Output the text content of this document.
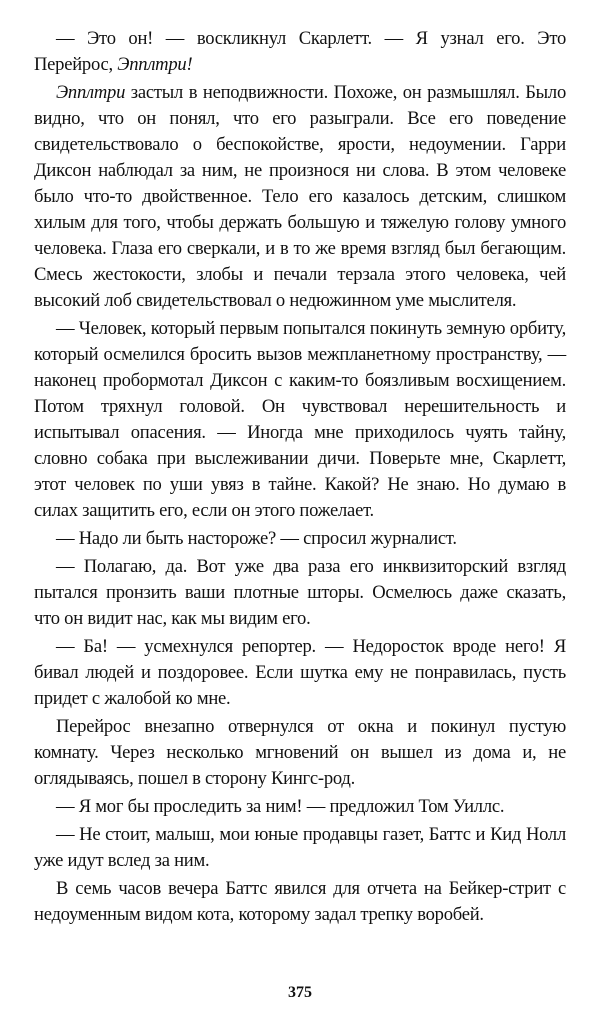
— Это он! — воскликнул Скарлетт. — Я узнал его. Это Перейрос, Эпплтри!

Эпплтри застыл в неподвижности. Похоже, он размышлял. Было видно, что он понял, что его разыграли. Все его поведение свидетельствовало о беспокойстве, ярости, недоумении. Гарри Диксон наблюдал за ним, не произнося ни слова. В этом человеке было что-то двойственное. Тело его казалось детским, слишком хилым для того, чтобы держать большую и тяжелую голову умного человека. Глаза его сверкали, и в то же время взгляд был бегающим. Смесь жестокости, злобы и печали терзала этого человека, чей высокий лоб свидетельствовал о недюжинном уме мыслителя.

— Человек, который первым попытался покинуть земную орбиту, который осмелился бросить вызов межпланетному пространству, — наконец пробормотал Диксон с каким-то боязливым восхищением. Потом тряхнул головой. Он чувствовал нерешительность и испытывал опасения. — Иногда мне приходилось чуять тайну, словно собака при выслеживании дичи. Поверьте мне, Скарлетт, этот человек по уши увяз в тайне. Какой? Не знаю. Но думаю в силах защитить его, если он этого пожелает.

— Надо ли быть настороже? — спросил журналист.

— Полагаю, да. Вот уже два раза его инквизиторский взгляд пытался пронзить ваши плотные шторы. Осмелюсь даже сказать, что он видит нас, как мы видим его.

— Ба! — усмехнулся репортер. — Недоросток вроде него! Я бивал людей и поздоровее. Если шутка ему не понравилась, пусть придет с жалобой ко мне.

Перейрос внезапно отвернулся от окна и покинул пустую комнату. Через несколько мгновений он вышел из дома и, не оглядываясь, пошел в сторону Кингс-род.

— Я мог бы проследить за ним! — предложил Том Уиллс.

— Не стоит, малыш, мои юные продавцы газет, Баттс и Кид Нолл уже идут вслед за ним.

В семь часов вечера Баттс явился для отчета на Бейкер-стрит с недоуменным видом кота, которому задал трепку воробей.

375
